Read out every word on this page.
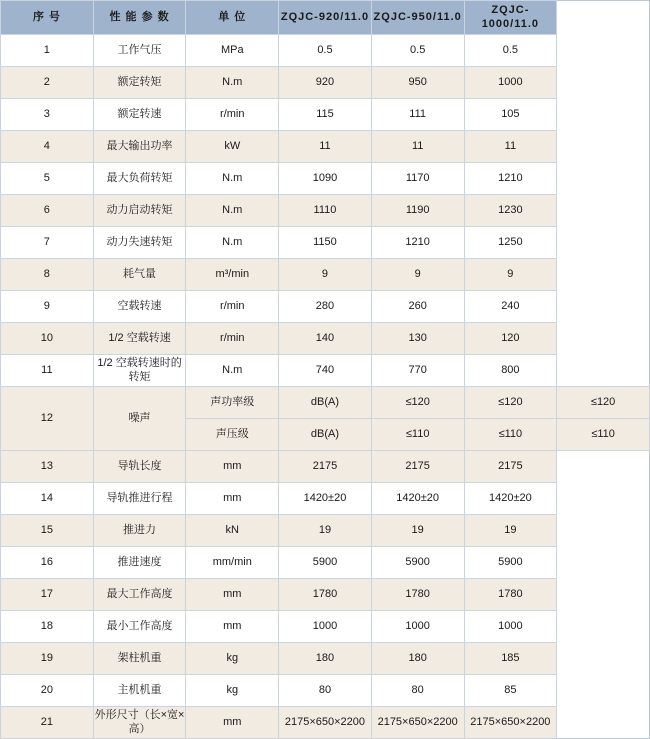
序 号	性 能 参 数	单 位	ZQJC-920/11.0	ZQJC-950/11.0	ZQJC-1000/11.0	
1	工作气压	MPa	0.5	0.5	0.5	
2	额定转矩	N.m	920	950	1000	
3	额定转速	r/min	115	111	105	
4	最大输出功率	kW	11	11	11	
5	最大负荷转矩	N.m	1090	1170	1210	
6	动力启动转矩	N.m	1110	1190	1230	
7	动力失速转矩	N.m	1150	1210	1250	
8	耗气量	m³/min	9	9	9	
9	空载转速	r/min	280	260	240	
10	1/2 空载转速	r/min	140	130	120	
11	1/2 空载转速时的转矩	N.m	740	770	800	
12	噪声	声功率级	dB(A)	≤120	≤120	≤120
		声压级	dB(A)	≤110	≤110	≤110
13	导轨长度	mm	2175	2175	2175	
14	导轨推进行程	mm	1420±20	1420±20	1420±20	
15	推进力	kN	19	19	19	
16	推进速度	mm/min	5900	5900	5900	
17	最大工作高度	mm	1780	1780	1780	
18	最小工作高度	mm	1000	1000	1000	
19	架柱机重	kg	180	180	185	
20	主机机重	kg	80	80	85	
21	外形尺寸（长×宽×高）	mm	2175×650×2200	2175×650×2200	2175×650×2200	
